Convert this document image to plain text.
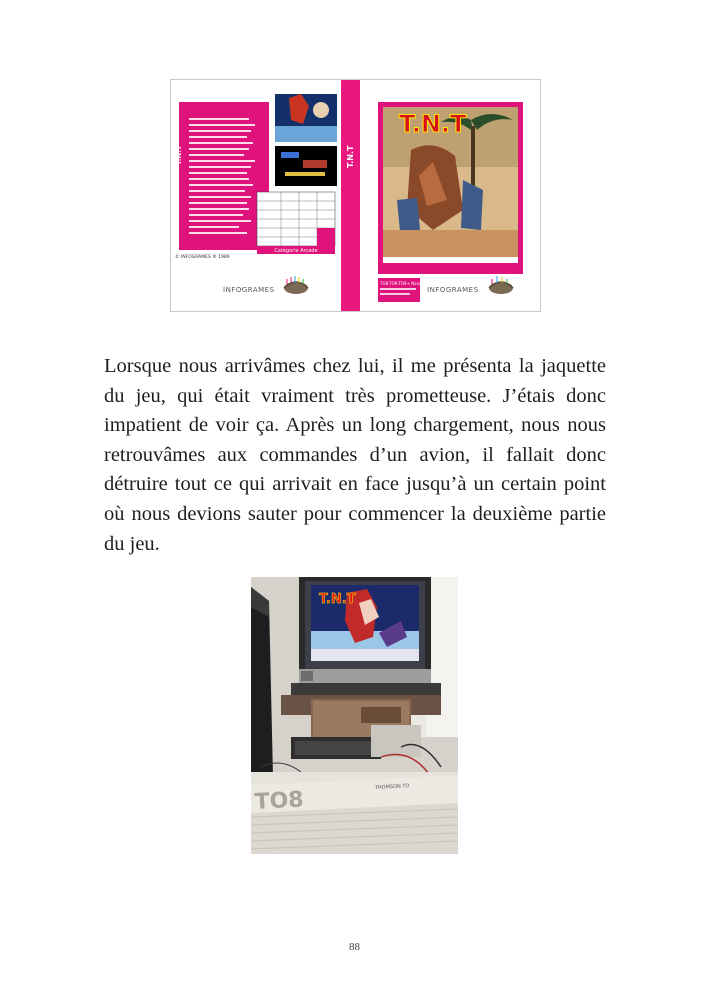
T.N.T
Catégorie Arcade
© INFOGRAMES ® 1989
INFOGRAMES
T.N.T
T.N.T
TO8-TO9-TO9+ Nanoréseau
INFOGRAMES

Lorsque nous arrivâmes chez lui, il me présenta la jaquette du jeu, qui était vraiment très prometteuse. J’étais donc impatient de voir ça. Après un long chargement, nous nous retrouvâmes aux commandes d’un avion, il fallait donc détruire tout ce qui arrivait en face jusqu’à un certain point où nous devions sauter pour commencer la deuxième partie du jeu.

T.N.T
TO8
THOMSON TO
88
